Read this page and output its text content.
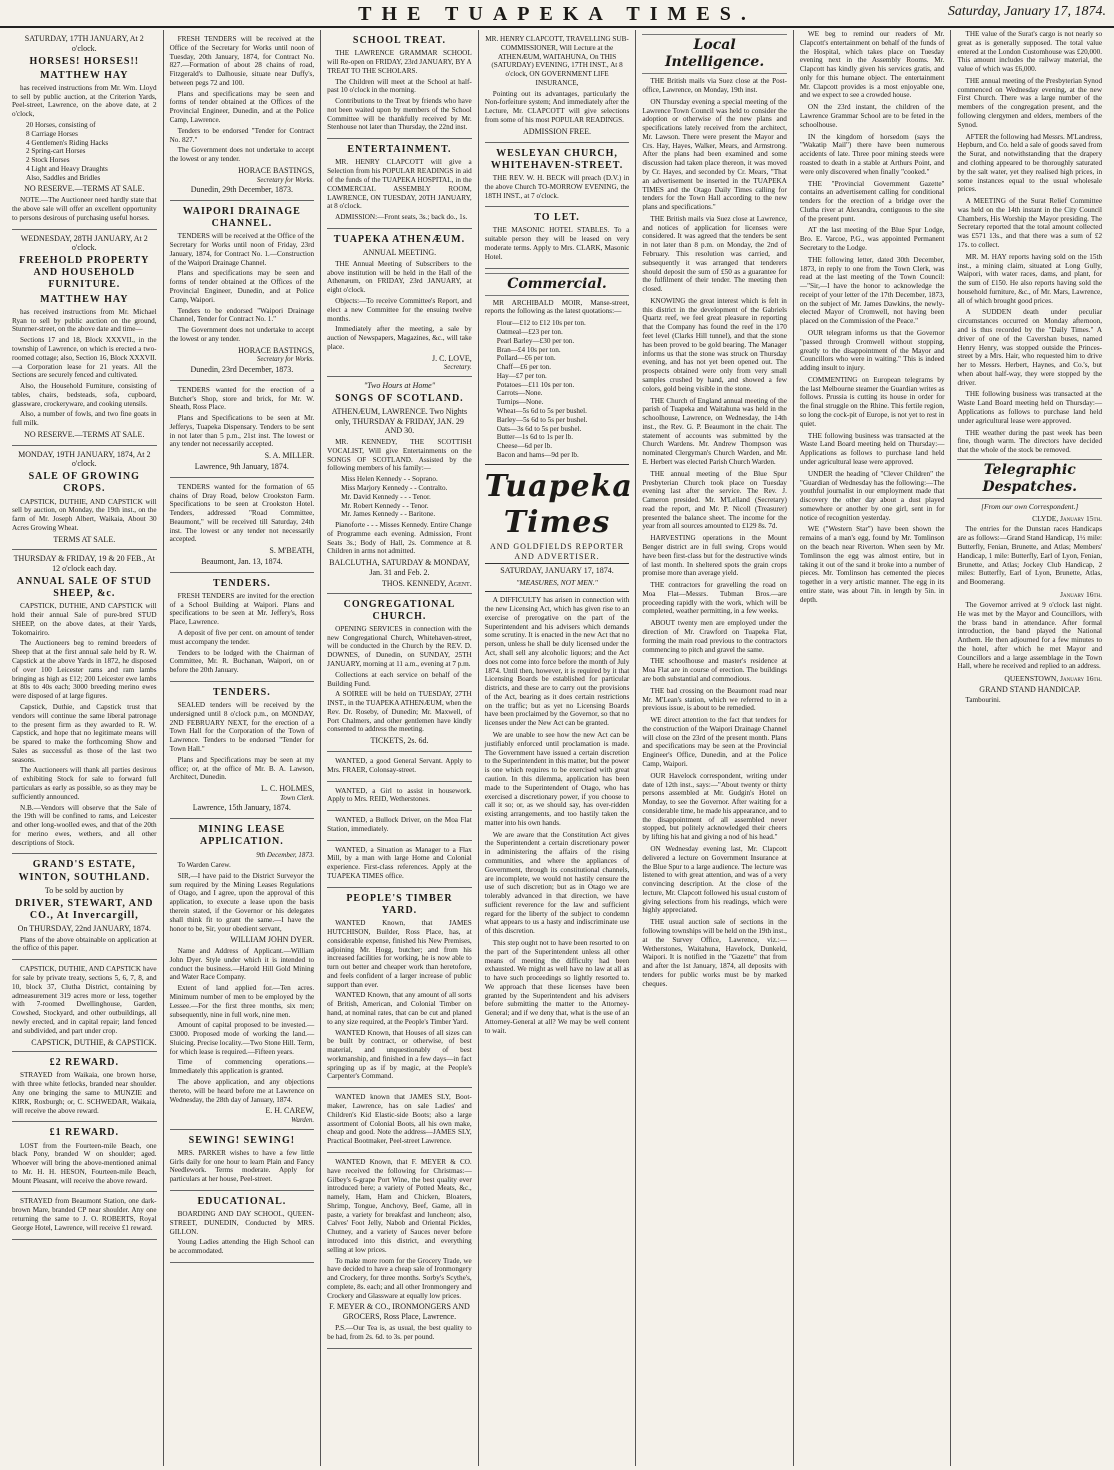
THE TUAPEKA TIMES.	Saturday, January 17, 1874.
SATURDAY, 17TH JANUARY, At 2 o'clock.
HORSES! HORSES!!
MATTHEW HAY

has received instructions from Mr. Wm. Lloyd to sell by public auction, at the Criterion Yards, Peel-street, Lawrence, on the above date, at 2 o'clock,

20 Horses, consisting of
8 Carriage Horses
4 Gentlemen's Riding Hacks
2 Spring-cart Horses
2 Stock Horses
4 Light and Heavy Draughts
Also, Saddles and Bridles
NO RESERVE.—TERMS AT SALE.

NOTE.—The Auctioneer need hardly state that the above sale will offer an excellent opportunity to persons desirous of purchasing useful horses.

WEDNESDAY, 28TH JANUARY, At 2 o'clock.
FREEHOLD PROPERTY AND HOUSEHOLD FURNITURE.
MATTHEW HAY

has received instructions from Mr. Michael Ryan to sell by public auction on the ground, Stunrner-street, on the above date and time—

Sections 17 and 18, Block XXXVII., in the township of Lawrence, on which is erected a two-roomed cottage; also, Section 16, Block XXXVII.—a Corporation lease for 21 years. All the Sections are securely fenced and cultivated.

Also, the Household Furniture, consisting of tables, chairs, bedsteads, sofa, cupboard, glassware, crockeryware, and cooking utensils.

Also, a number of fowls, and two fine goats in full milk.

NO RESERVE.—TERMS AT SALE.
MONDAY, 19TH JANUARY, 1874, At 2 o'clock.
SALE OF GROWING CROPS.

CAPSTICK, DUTHIE, AND CAPSTICK will sell by auction, on Monday, the 19th inst., on the farm of Mr. Joseph Albert, Waikaia, About 30 Acres Growing Wheat.

TERMS AT SALE.
THURSDAY & FRIDAY, 19 & 20 FEB., At 12 o'clock each day.
ANNUAL SALE OF STUD SHEEP, &c.

CAPSTICK, DUTHIE, AND CAPSTICK will hold their annual Sale of pure-bred STUD SHEEP, on the above dates, at their Yards, Tokomairiro.

The Auctioneers beg to remind breeders of Sheep that at the first annual sale held by R. W. Capstick at the above Yards in 1872, he disposed of over 100 Leicester rams and ram lambs bringing as high as £12; 200 Leicester ewe lambs at 80s to 40s each; 3000 breeding merino ewes were disposed of at large figures.

Capstick, Duthie, and Capstick trust that vendors will continue the same liberal patronage to the present firm as they awarded to R. W. Capstick, and hope that no legitimate means will be spared to make the forthcoming Show and Sales as successful as those of the last two seasons.

The Auctioneers will thank all parties desirous of exhibiting Stock for sale to forward full particulars as early as possible, so as they may be sufficiently announced.

N.B.—Vendors will observe that the Sale of the 19th will be confined to rams, and Leicester and other long-woolled ewes, and that of the 20th for merino ewes, wethers, and all other descriptions of Stock.

GRAND'S ESTATE, WINTON, SOUTHLAND.
To be sold by auction by
DRIVER, STEWART, AND CO., At Invercargill,
On THURSDAY, 22nd JANUARY, 1874.

Plans of the above obtainable on application at the office of this paper.

CAPSTICK, DUTHIE, AND CAPSTICK have for sale by private treaty, sections 5, 6, 7, 8, and 10, block 37, Clutha District, containing by admeasurement 319 acres more or less, together with 7-roomed Dwellinghouse, Garden, Cowshed, Stockyard, and other outbuildings, all newly erected, and in capital repair; land fenced and subdivided, and part under crop.

CAPSTICK, DUTHIE, & CAPSTICK.
£2 REWARD.

STRAYED from Waikaia, one brown horse, with three white fetlocks, branded near shoulder. Any one bringing the same to MUNZIE and KIRK, Roxburgh; or, C. SCHWEDAR, Waikaia, will receive the above reward.

£1 REWARD.

LOST from the Fourteen-mile Beach, one black Pony, branded W on shoulder; aged. Whoever will bring the above-mentioned animal to Mr. H. H. HESON, Fourteen-mile Beach, Mount Pleasant, will receive the above reward.

STRAYED from Beaumont Station, one dark-brown Mare, branded CP near shoulder. Any one returning the same to J. O. ROBERTS, Royal George Hotel, Lawrence, will receive £1 reward.

FRESH TENDERS will be received at the Office of the Secretary for Works until noon of Tuesday, 20th January, 1874, for Contract No. 827.—Formation of about 28 chains of road, Fitzgerald's to Dalhousie, situate near Duffy's, between pegs 72 and 100.

Plans and specifications may be seen and forms of tender obtained at the Offices of the Provincial Engineer, Dunedin, and at the Police Camp, Lawrence.

Tenders to be endorsed "Tender for Contract No. 827."

The Government does not undertake to accept the lowest or any tender.

HORACE BASTINGS,
Secretary for Works.
Dunedin, 29th December, 1873.
WAIPORI DRAINAGE CHANNEL.

TENDERS will be received at the Office of the Secretary for Works until noon of Friday, 23rd January, 1874, for Contract No. 1.—Construction of the Waipori Drainage Channel.

Plans and specifications may be seen and forms of tender obtained at the Offices of the Provincial Engineer, Dunedin, and at Police Camp, Waipori.

Tenders to be endorsed "Waipori Drainage Channel, Tender for Contract No. 1."

The Government does not undertake to accept the lowest or any tender.

HORACE BASTINGS,
Secretary for Works.
Dunedin, 23rd December, 1873.

TENDERS wanted for the erection of a Butcher's Shop, store and brick, for Mr. W. Sheath, Ross Place.

Plans and Specifications to be seen at Mr. Jefferys, Tuapeka Dispensary. Tenders to be sent in not later than 5 p.m., 21st inst. The lowest or any tender not necessarily accepted.

S. A. MILLER.
Lawrence, 9th January, 1874.

TENDERS wanted for the formation of 65 chains of Dray Road, below Crookston Farm. Specifications to be seen at Crookston Hotel. Tenders, addressed "Road Committee, Beaumont," will be received till Saturday, 24th inst. The lowest or any tender not necessarily accepted.

S. M'BEATH,
Beaumont, Jan. 13, 1874.
TENDERS.

FRESH TENDERS are invited for the erection of a School Building at Waipori. Plans and specifications to be seen at Mr. Jeffery's, Ross Place, Lawrence.

A deposit of five per cent. on amount of tender must accompany the tender.

Tenders to be lodged with the Chairman of Committee, Mr. R. Buchanan, Waipori, on or before the 20th January.

TENDERS.

SEALED tenders will be received by the undersigned until 8 o'clock p.m., on MONDAY, 2ND FEBRUARY NEXT, for the erection of a Town Hall for the Corporation of the Town of Lawrence. Tenders to be endorsed "Tender for Town Hall."

Plans and Specifications may be seen at my office; or, at the office of Mr. B. A. Lawson, Architect, Dunedin.

L. C. HOLMES,
Town Clerk.
Lawrence, 15th January, 1874.
MINING LEASE APPLICATION.
9th December, 1873.

To Warden Carew.

SIR,—I have paid to the District Surveyor the sum required by the Mining Leases Regulations of Otago, and I agree, upon the approval of this application, to execute a lease upon the basis therein stated, if the Governor or his delegates shall think fit to grant the same.—I have the honor to be, Sir, your obedient servant,

WILLIAM JOHN DYER.

Name and Address of Applicant.—William John Dyer. Style under which it is intended to conduct the business.—Harold Hill Gold Mining and Water Race Company.

Extent of land applied for.—Ten acres. Minimum number of men to be employed by the Lessee.—For the first three months, six men; subsequently, nine in full work, nine men.

Amount of capital proposed to be invested.—£3000. Proposed mode of working the land.—Sluicing. Precise locality.—Two Stone Hill. Term, for which lease is required.—Fifteen years.

Time of commencing operations.—Immediately this application is granted.

The above application, and any objections thereto, will be heard before me at Lawrence on Wednesday, the 28th day of January, 1874.

E. H. CAREW,
Warden.
SEWING! SEWING!

MRS. PARKER wishes to have a few little Girls daily for one hour to learn Plain and Fancy Needlework. Terms moderate. Apply for particulars at her house, Peel-street.

EDUCATIONAL.

BOARDING AND DAY SCHOOL, QUEEN-STREET, DUNEDIN, Conducted by MRS. GILLON.

Young Ladies attending the High School can be accommodated.

SCHOOL TREAT.

THE LAWRENCE GRAMMAR SCHOOL will Re-open on FRIDAY, 23rd JANUARY, BY A TREAT TO THE SCHOLARS.

The Children will meet at the School at half-past 10 o'clock in the morning.

Contributions to the Treat by friends who have not been waited upon by members of the School Committee will be thankfully received by Mr. Stenhouse not later than Thursday, the 22nd inst.

ENTERTAINMENT.

MR. HENRY CLAPCOTT will give a Selection from his POPULAR READINGS in aid of the funds of the TUAPEKA HOSPITAL, in the COMMERCIAL ASSEMBLY ROOM, LAWRENCE, ON TUESDAY, 20TH JANUARY, at 8 o'clock.

ADMISSION:—Front seats, 3s.; back do., 1s.

TUAPEKA ATHENÆUM.
ANNUAL MEETING.

THE Annual Meeting of Subscribers to the above institution will be held in the Hall of the Athenæum, on FRIDAY, 23rd JANUARY, at eight o'clock.

Objects:—To receive Committee's Report, and elect a new Committee for the ensuing twelve months.

Immediately after the meeting, a sale by auction of Newspapers, Magazines, &c., will take place.

J. C. LOVE,
Secretary.
"Two Hours at Home"
SONGS OF SCOTLAND.
ATHENÆUM, LAWRENCE. Two Nights only, THURSDAY & FRIDAY, JAN. 29 AND 30.

MR. KENNEDY, THE SCOTTISH VOCALIST, Will give Entertainments on the SONGS OF SCOTLAND. Assisted by the following members of his family:—

Miss Helen Kennedy - - Soprano.
Miss Marjory Kennedy - - Contralto.
Mr. David Kennedy - - - Tenor.
Mr. Robert Kennedy - - Tenor.
Mr. James Kennedy - - Baritone.

Pianoforte - - - Misses Kennedy. Entire Change of Programme each evening. Admission, Front Seats 3s.; Body of Hall, 2s. Commence at 8. Children in arms not admitted.

BALCLUTHA, SATURDAY & MONDAY, Jan. 31 and Feb. 2.
THOS. KENNEDY, Agent.
CONGREGATIONAL CHURCH.

OPENING SERVICES in connection with the new Congregational Church, Whitehaven-street, will be conducted in the Church by the REV. D. DOWNES, of Dunedin, on SUNDAY, 25TH JANUARY, morning at 11 a.m., evening at 7 p.m.

Collections at each service on behalf of the Building Fund.

A SOIREE will be held on TUESDAY, 27TH INST., in the TUAPEKA ATHENÆUM, when the Rev. Dr. Roseby, of Dunedin; Mr. Maxwell, of Port Chalmers, and other gentlemen have kindly consented to address the meeting.

TICKETS, 2s. 6d.

WANTED, a good General Servant. Apply to Mrs. FRAER, Colonsay-street.

WANTED, a Girl to assist in housework. Apply to Mrs. REID, Wetherstones.

WANTED, a Bullock Driver, on the Moa Flat Station, immediately.

WANTED, a Situation as Manager to a Flax Mill, by a man with large Home and Colonial experience. First-class references. Apply at the TUAPEKA TIMES office.

PEOPLE'S TIMBER YARD.

WANTED Known, that JAMES HUTCHISON, Builder, Ross Place, has, at considerable expense, finished his New Premises, adjoining Mr. Hogg, butcher; and from his increased facilities for working, he is now able to turn out better and cheaper work than heretofore, and feels confident of a larger increase of public support than ever.

WANTED Known, that any amount of all sorts of British, American, and Colonial Timber on hand, at nominal rates, that can be cut and planed to any size required, at the People's Timber Yard.

WANTED Known, that Houses of all sizes can be built by contract, or otherwise, of best material, and unquestionably of best workmanship, and finished in a few days—in fact springing up as if by magic, at the People's Carpenter's Command.

WANTED known that JAMES SLY, Boot-maker, Lawrence, has on sale Ladies' and Children's Kid Elastic-side Boots; also a large assortment of Colonial Boots, all his own make, cheap and good. Note the address—JAMES SLY, Practical Bootmaker, Peel-street Lawrence.

WANTED Known, that F. MEYER & CO. have received the following for Christmas:—Gilbey's 6-grape Port Wine, the best quality ever introduced here; a variety of Potted Meats, &c., namely, Ham, Ham and Chicken, Bloaters, Shrimp, Tongue, Anchovy, Beef, Game, all in paste, a variety for breakfast and luncheon; also, Calves' Foot Jelly, Nabob and Oriental Pickles, Chutney, and a variety of Sauces never before introduced into this district, and everything selling at low prices.

To make more room for the Grocery Trade, we have decided to have a cheap sale of Ironmongery and Crockery, for three months. Sorby's Scythe's, complete, 8s. each; and all other Ironmongery and Crockery and Glassware at equally low prices.

F. MEYER & CO., IRONMONGERS AND GROCERS, Ross Place, Lawrence.

P.S.—Our Tea is, as usual, the best quality to be had, from 2s. 6d. to 3s. per pound.

MR. HENRY CLAPCOTT, TRAVELLING SUB-COMMISSIONER, Will Lecture at the ATHENÆUM, WAITAHUNA, On THIS (SATURDAY) EVENING, 17TH INST., At 8 o'clock, ON GOVERNMENT LIFE INSURANCE,

Pointing out its advantages, particularly the Non-forfeiture system; And immediately after the Lecture, Mr. CLAPCOTT will give selections from some of his most POPULAR READINGS.

ADMISSION FREE.
WESLEYAN CHURCH, WHITEHAVEN-STREET.

THE REV. W. H. BECK will preach (D.V.) in the above Church TO-MORROW EVENING, the 18TH INST., at 7 o'clock.

TO LET.

THE MASONIC HOTEL STABLES. To a suitable person they will be leased on very moderate terms. Apply to Mrs. CLARK, Masonic Hotel.

Commercial.

MR ARCHIBALD MOIR, Manse-street, reports the following as the latest quotations:—

Flour—£12 to £12 10s per ton.
Oatmeal—£23 per ton.
Pearl Barley—£30 per ton.
Bran—£4 10s per ton.
Pollard—£6 per ton.
Chaff—£6 per ton.
Hay—£7 per ton.
Potatoes—£11 10s per ton.
Carrots—None.
Turnips—None.
Wheat—5s 6d to 5s per bushel.
Barley—5s 6d to 5s per bushel.
Oats—3s 6d to 5s per bushel.
Butter—1s 6d to 1s per lb.
Cheese—6d per lb.
Bacon and hams—9d per lb.
Tuapeka Times
AND GOLDFIELDS REPORTER AND ADVERTISER.
SATURDAY, JANUARY 17, 1874.
"MEASURES, NOT MEN."

A DIFFICULTY has arisen in connection with the new Licensing Act, which has given rise to an exercise of prerogative on the part of the Superintendent and his advisers which demands some scrutiny. It is enacted in the new Act that no person, unless he shall be duly licensed under the Act, shall sell any alcoholic liquors; and the Act does not come into force before the month of July 1874. Until then, however, it is required by it that Licensing Boards be established for particular districts, and these are to carry out the provisions of the Act, bearing as it does certain restrictions on the traffic; but as yet no Licensing Boards have been proclaimed by the Governor, so that no licenses under the New Act can be granted.

We are unable to see how the new Act can be justifiably enforced until proclamation is made. The Government have issued a certain discretion to the Superintendent in this matter, but the power is one which requires to be exercised with great caution. In this dilemma, application has been made to the Superintendent of Otago, who has exercised a discretionary power, if you choose to call it so; or, as we should say, has over-ridden existing arrangements, and too hastily taken the matter into his own hands.

We are aware that the Constitution Act gives the Superintendent a certain discretionary power in administering the affairs of the rising communities, and where the appliances of Government, through its constitutional channels, are incomplete, we would not hastily censure the use of such discretion; but as in Otago we are tolerably advanced in that direction, we have sufficient reverence for the law and sufficient regard for the liberty of the subject to condemn what appears to us a hasty and indiscriminate use of this discretion.

This step ought not to have been resorted to on the part of the Superintendent unless all other means of meeting the difficulty had been exhausted. We might as well have no law at all as to have such proceedings so lightly resorted to. We approach that these licenses have been granted by the Superintendent and his advisers before submitting the matter to the Attorney-General; and if we deny that, what is the use of an Attorney-General at all? We may be well content to wait.

Local Intelligence.

THE British mails via Suez close at the Post-office, Lawrence, on Monday, 19th inst.

ON Thursday evening a special meeting of the Lawrence Town Council was held to consider the adoption or otherwise of the new plans and specifications lately received from the architect, Mr. Lawson. There were present the Mayor and Crs. Hay, Hayes, Walker, Mears, and Armstrong. After the plans had been examined and some discussion had taken place thereon, it was moved by Cr. Hayes, and seconded by Cr. Mears, "That an advertisement be inserted in the TUAPEKA TIMES and the Otago Daily Times calling for tenders for the Town Hall according to the new plans and specifications."

THE British mails via Suez close at Lawrence, and notices of application for licenses were considered. It was agreed that the tenders be sent in not later than 8 p.m. on Monday, the 2nd of February. This resolution was carried, and subsequently it was arranged that tenderers should deposit the sum of £50 as a guarantee for the fulfilment of their tender. The meeting then closed.

KNOWING the great interest which is felt in this district in the development of the Gabriels Quartz reef, we feel great pleasure in reporting that the Company has found the reef in the 170 feet level (Clarks Hill tunnel), and that the stone has been proved to be gold bearing. The Manager informs us that the stone was struck on Thursday evening, and has not yet been opened out. The prospects obtained were only from very small samples crushed by hand, and showed a few colors, gold being visible in the stone.

THE Church of England annual meeting of the parish of Tuapeka and Waitahuna was held in the schoolhouse, Lawrence, on Wednesday, the 14th inst., the Rev. G. P. Beaumont in the chair. The statement of accounts was submitted by the Church Wardens. Mr. Andrew Thompson was nominated Clergyman's Church Warden, and Mr. E. Herbert was elected Parish Church Warden.

THE annual meeting of the Blue Spur Presbyterian Church took place on Tuesday evening last after the service. The Rev. J. Cameron presided. Mr. M'Lelland (Secretary) read the report, and Mr. P. Nicoll (Treasurer) presented the balance sheet. The income for the year from all sources amounted to £129 8s. 7d.

HARVESTING operations in the Mount Benger district are in full swing. Crops would have been first-class but for the destructive winds of last month. In sheltered spots the grain crops promise more than average yield.

THE contractors for gravelling the road on Moa Flat—Messrs. Tubman Bros.—are proceeding rapidly with the work, which will be completed, weather permitting, in a few weeks.

ABOUT twenty men are employed under the direction of Mr. Crawford on Tuapeka Flat, forming the main road previous to the contractors commencing to pitch and gravel the same.

THE schoolhouse and master's residence at Moa Flat are in course of erection. The buildings are both substantial and commodious.

THE bad crossing on the Beaumont road near Mr. M'Lean's station, which we referred to in a previous issue, is about to be remedied.

WE direct attention to the fact that tenders for the construction of the Waipori Drainage Channel will close on the 23rd of the present month. Plans and specifications may be seen at the Provincial Engineer's Office, Dunedin, and at the Police Camp, Waipori.

OUR Havelock correspondent, writing under date of 12th inst., says:—"About twenty or thirty persons assembled at Mr. Gudgin's Hotel on Monday, to see the Governor. After waiting for a considerable time, he made his appearance, and to the disappointment of all assembled never stopped, but politely acknowledged their cheers by lifting his hat and giving a nod of his head."

ON Wednesday evening last, Mr. Clapcott delivered a lecture on Government Insurance at the Blue Spur to a large audience. The lecture was listened to with great attention, and was of a very convincing description. At the close of the lecture, Mr. Clapcott followed his usual custom of giving selections from his readings, which were highly appreciated.

THE usual auction sale of sections in the following townships will be held on the 19th inst., at the Survey Office, Lawrence, viz.:—Wetherstones, Waitahuna, Havelock, Dunkeld, Waipori. It is notified in the "Gazette" that from and after the 1st January, 1874, all deposits with tenders for public works must be by marked cheques.

WE beg to remind our readers of Mr. Clapcott's entertainment on behalf of the funds of the Hospital, which takes place on Tuesday evening next in the Assembly Rooms. Mr. Clapcott has kindly given his services gratis, and only for this humane object. The entertainment Mr. Clapcott provides is a most enjoyable one, and we expect to see a crowded house.

ON the 23rd instant, the children of the Lawrence Grammar School are to be feted in the schoolhouse.

IN the kingdom of horsedom (says the "Wakatip Mail") there have been numerous accidents of late. Three poor mining steeds were roasted to death in a stable at Arthurs Point, and were only discovered when finally "cooked."

THE "Provincial Government Gazette" contains an advertisement calling for conditional tenders for the erection of a bridge over the Clutha river at Alexandra, contiguous to the site of the present punt.

AT the last meeting of the Blue Spur Lodge, Bro. E. Varcoe, P.G., was appointed Permanent Secretary to the Lodge.

THE following letter, dated 30th December, 1873, in reply to one from the Town Clerk, was read at the last meeting of the Town Council:—"Sir,—I have the honor to acknowledge the receipt of your letter of the 17th December, 1873, on the subject of Mr. James Dawkins, the newly-elected Mayor of Cromwell, not having been placed on the Commission of the Peace."

OUR telegram informs us that the Governor "passed through Cromwell without stopping, greatly to the disappointment of the Mayor and Councillors who were in waiting." This is indeed adding insult to injury.

COMMENTING on European telegrams by the last Melbourne steamer the Guardian writes as follows. Prussia is cutting its house in order for the final struggle on the Rhine. This fertile region, so long the cock-pit of Europe, is not yet to rest in quiet.

THE following business was transacted at the Waste Land Board meeting held on Thursday:—Applications as follows to purchase land held under agricultural lease were approved.

UNDER the heading of "Clever Children" the "Guardian of Wednesday has the following:—The youthful journalist in our employment made that discovery the other day about a dust played somewhere or another by one girl, sent in for notice of recognition yesterday.

WE ("Western Star") have been shown the remains of a man's egg, found by Mr. Tomlinson on the beach near Riverton. When seen by Mr. Tomlinson the egg was almost entire, but in taking it out of the sand it broke into a number of pieces. Mr. Tomlinson has cemented the pieces together in a very artistic manner. The egg in its entire state, was about 7in. in length by 5in. in depth.

THE value of the Surat's cargo is not nearly so great as is generally supposed. The total value entered at the London Customhouse was £20,000. This amount includes the railway material, the value of which was £6,000.

THE annual meeting of the Presbyterian Synod commenced on Wednesday evening, at the new First Church. There was a large number of the members of the congregation present, and the following clergymen and elders, members of the Synod.

AFTER the following had Messrs. M'Landress, Hepburn, and Co. held a sale of goods saved from the Surat, and notwithstanding that the drapery and clothing appeared to be thoroughly saturated by the salt water, yet they realised high prices, in some instances equal to the usual wholesale prices.

A MEETING of the Surat Relief Committee was held on the 14th instant in the City Council Chambers, His Worship the Mayor presiding. The Secretary reported that the total amount collected was £571 13s., and that there was a sum of £2 17s. to collect.

MR. M. HAY reports having sold on the 15th inst., a mining claim, situated at Long Gully, Waipori, with water races, dams, and plant, for the sum of £150. He also reports having sold the household furniture, &c., of Mr. Mars, Lawrence, all of which brought good prices.

A SUDDEN death under peculiar circumstances occurred on Monday afternoon, and is thus recorded by the "Daily Times." A driver of one of the Cavershan buses, named Henry Henry, was stopped outside the Princes-street by a Mrs. Hair, who requested him to drive her to Messrs. Herbert, Haynes, and Co.'s, but when about half-way, they were stopped by the driver.

THE following business was transacted at the Waste Land Board meeting held on Thursday:—Applications as follows to purchase land held under agricultural lease were approved.

THE weather during the past week has been fine, though warm. The directors have decided that the whole of the stock be removed.

Telegraphic Despatches.
[From our own Correspondent.]
CLYDE, January 15th.

The entries for the Dunstan races Handicaps are as follows:—Grand Stand Handicap, 1½ mile: Butterfly, Fenian, Brunette, and Atlas; Members' Handicap, 1 mile: Butterfly, Earl of Lyon, Fenian, Brunette, and Atlas; Jockey Club Handicap, 2 miles: Butterfly, Earl of Lyon, Brunette, Atlas, and Boomerang.

January 16th.

The Governor arrived at 9 o'clock last night. He was met by the Mayor and Councillors, with the brass band in attendance. After formal introduction, the band played the National Anthem. He then adjourned for a few minutes to the hotel, after which he met Mayor and Councillors and a large assemblage in the Town Hall, where he received and replied to an address.

QUEENSTOWN, January 16th.
GRAND STAND HANDICAP.

Tambourini.
